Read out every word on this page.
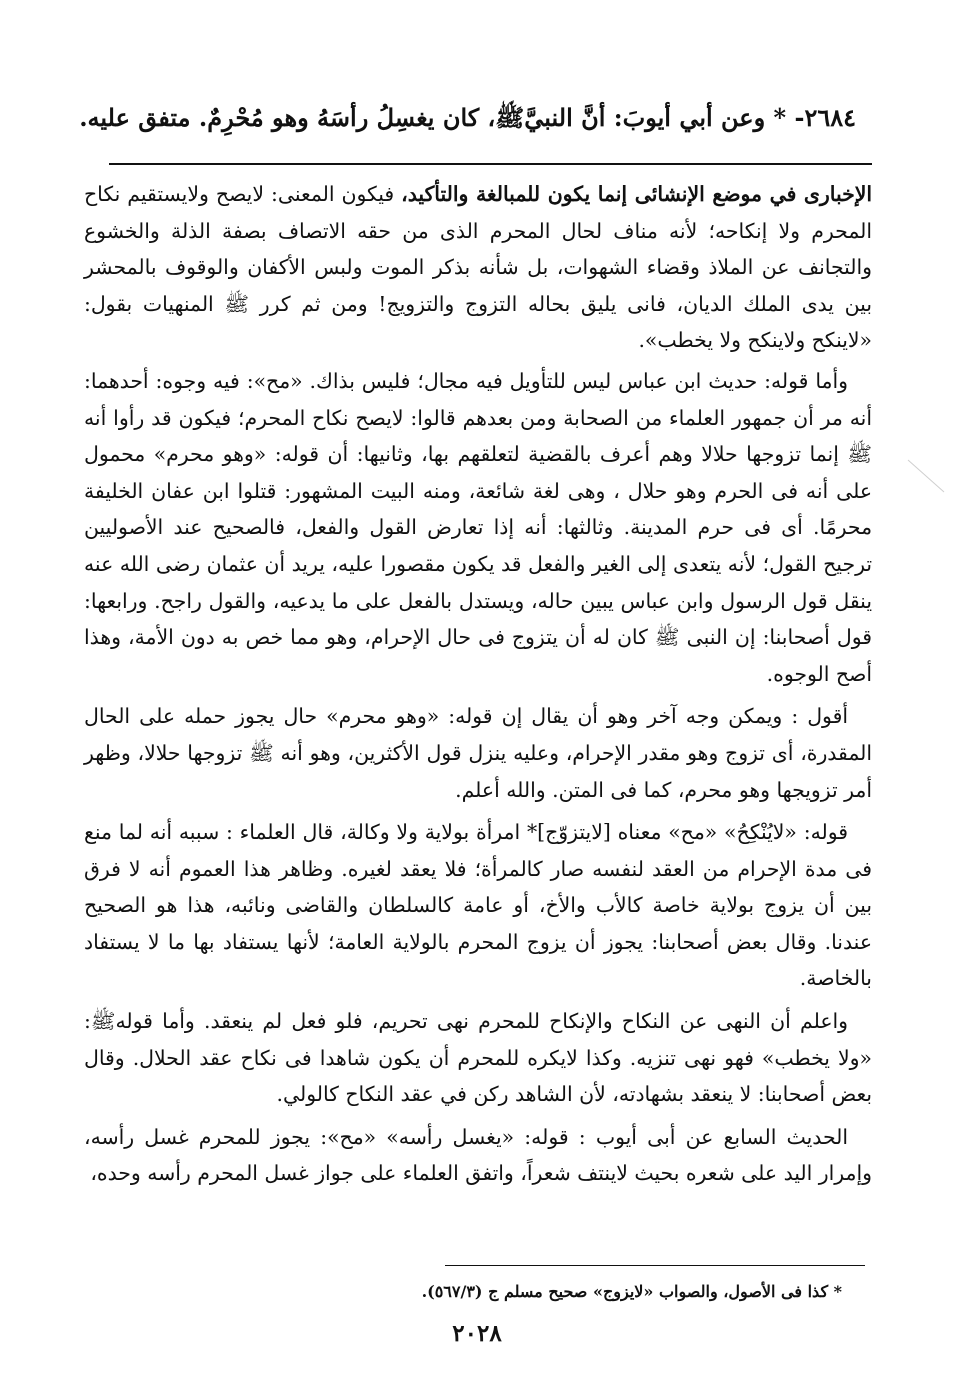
٢٦٨٤- * وعن أبي أيوبَ: أنَّ النبيَّﷺ، كان يغسِلُ رأسَهُ وهو مُحْرِمٌ. متفق عليه.

الإخبارى في موضع الإنشائى إنما يكون للمبالغة والتأكيد، فيكون المعنى: لايصح ولايستقيم نكاح المحرم ولا إنكاحه؛ لأنه مناف لحال المحرم الذى من حقه الاتصاف بصفة الذلة والخشوع والتجانف عن الملاذ وقضاء الشهوات، بل شأنه بذكر الموت ولبس الأكفان والوقوف بالمحشر بين يدى الملك الديان، فانى يليق بحاله التزوج والتزويج! ومن ثم كرر ﷺ المنهيات بقول: «لاينكح ولاينكح ولا يخطب».

وأما قوله: حديث ابن عباس ليس للتأويل فيه مجال؛ فليس بذاك. «مح»: فيه وجوه: أحدهما: أنه مر أن جمهور العلماء من الصحابة ومن بعدهم قالوا: لايصح نكاح المحرم؛ فيكون قد رأوا أنه ﷺ إنما تزوجها حلالا وهم أعرف بالقضية لتعلقهم بها، وثانيها: أن قوله: «وهو محرم» محمول على أنه فى الحرم وهو حلال ، وهى لغة شائعة، ومنه البيت المشهور: قتلوا ابن عفان الخليفة محرمًا. أى فى حرم المدينة. وثالثها: أنه إذا تعارض القول والفعل، فالصحيح عند الأصوليين ترجيح القول؛ لأنه يتعدى إلى الغير والفعل قد يكون مقصورا عليه، يريد أن عثمان رضى الله عنه ينقل قول الرسول وابن عباس يبين حاله، ويستدل بالفعل على ما يدعيه، والقول راجح. ورابعها: قول أصحابنا: إن النبى ﷺ كان له أن يتزوج فى حال الإحرام، وهو مما خص به دون الأمة، وهذا أصح الوجوه.

أقول : ويمكن وجه آخر وهو أن يقال إن قوله: «وهو محرم» حال يجوز حمله على الحال المقدرة، أى تزوج وهو مقدر الإحرام، وعليه ينزل قول الأكثرين، وهو أنه ﷺ تزوجها حلالا، وظهر أمر تزويجها وهو محرم، كما فى المتن. والله أعلم.

قوله: «لايُنْكِحُ» «مح» معناه [لايتزوّج]* امرأة بولاية ولا وكالة، قال العلماء : سببه أنه لما منع فى مدة الإحرام من العقد لنفسه صار كالمرأة؛ فلا يعقد لغيره. وظاهر هذا العموم أنه لا فرق بين أن يزوج بولاية خاصة كالأب والأخ، أو عامة كالسلطان والقاضى ونائبه، هذا هو الصحيح عندنا. وقال بعض أصحابنا: يجوز أن يزوج المحرم بالولاية العامة؛ لأنها يستفاد بها ما لا يستفاد بالخاصة.

واعلم أن النهى عن النكاح والإنكاح للمحرم نهى تحريم، فلو فعل لم ينعقد. وأما قولهﷺ: «ولا يخطب» فهو نهى تنزيه. وكذا لايكره للمحرم أن يكون شاهدا فى نكاح عقد الحلال. وقال بعض أصحابنا: لا ينعقد بشهادته، لأن الشاهد ركن في عقد النكاح كالولي.

الحديث السابع عن أبى أيوب : قوله: «يغسل رأسه» «مح»: يجوز للمحرم غسل رأسه، وإمرار اليد على شعره بحيث لاينتف شعراً، واتفق العلماء على جواز غسل المحرم رأسه وحده،

* كذا فى الأصول، والصواب «لايزوج» صحيح مسلم ج (٥٦٧/٣).
٢٠٢٨
